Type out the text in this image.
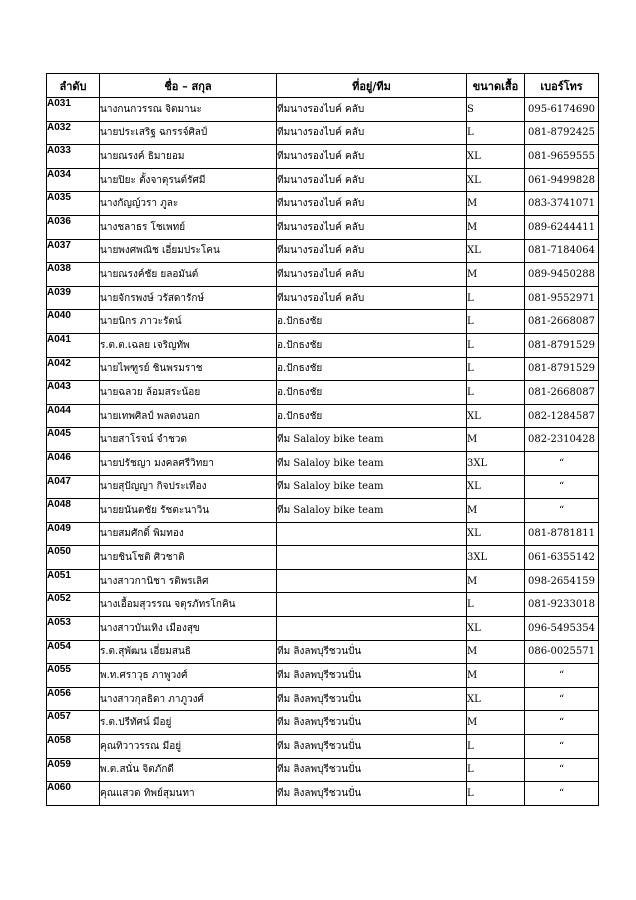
ลำดับ	ชื่อ – สกุล	ที่อยู่/ทีม	ขนาดเสื้อ	เบอร์โทร
A031	นางกนกวรรณ จิตมานะ	ทีมนางรองไบค์ คลับ	S	095-6174690
A032	นายประเสริฐ ฉกรรจ์ศิลป์	ทีมนางรองไบค์ คลับ	L	081-8792425
A033	นายณรงค์ ธิมายอม	ทีมนางรองไบค์ คลับ	XL	081-9659555
A034	นายปิยะ ตั้งจาตุรนต์รัศมี	ทีมนางรองไบค์ คลับ	XL	061-9499828
A035	นางกัญญ์วรา ภูละ	ทีมนางรองไบค์ คลับ	M	083-3741071
A036	นางชลาธร โชเพทย์	ทีมนางรองไบค์ คลับ	M	089-6244411
A037	นายพงศพณิช เอี่ยมประโคน	ทีมนางรองไบค์ คลับ	XL	081-7184064
A038	นายณรงค์ชัย ยลอมันต์	ทีมนางรองไบค์ คลับ	M	089-9450288
A039	นายจักรพงษ์ วรัสดารักษ์	ทีมนางรองไบค์ คลับ	L	081-9552971
A040	นายนิกร ภาวะรัตน์	อ.ปักธงชัย	L	081-2668087
A041	ร.ต.ต.เฉลย เจริญทัพ	อ.ปักธงชัย	L	081-8791529
A042	นายไพฑูรย์ ชินพรมราช	อ.ปักธงชัย	L	081-8791529
A043	นายฉลวย ล้อมสระน้อย	อ.ปักธงชัย	L	081-2668087
A044	นายเทพศิลป์ พลดงนอก	อ.ปักธงชัย	XL	082-1284587
A045	นายสาโรจน์ จำชวด	ทีม Salaloy bike team	M	082-2310428
A046	นายปรัชญา มงคลศรีวิทยา	ทีม Salaloy bike team	3XL	“
A047	นายสุปัญญา กิจประเทือง	ทีม Salaloy bike team	XL	“
A048	นายยนันตชัย รัชตะนาวิน	ทีม Salaloy bike team	M	“
A049	นายสมศักดิ์ พิมทอง		XL	081-8781811
A050	นายชินโชติ ศิวชาติ		3XL	061-6355142
A051	นางสาวกานิชา รติพรเลิศ		M	098-2654159
A052	นางเอื้อมสุวรรณ จตุรภัทรโกคิน		L	081-9233018
A053	นางสาวบันเทิง เมืองสุข		XL	096-5495354
A054	ร.ต.สุพัฒน เอี่ยมสนธิ	ทีม ลิงลพบุรีชวนปั่น	M	086-0025571
A055	พ.ท.ศราวุธ ภาพูวงศ์	ทีม ลิงลพบุรีชวนปั่น	M	“
A056	นางสาวกุลธิดา ภาภูวงศ์	ทีม ลิงลพบุรีชวนปั่น	XL	“
A057	ร.ต.ปรีทัศน์ มีอยู่	ทีม ลิงลพบุรีชวนปั่น	M	“
A058	คุณทิวาวรรณ มีอยู่	ทีม ลิงลพบุรีชวนปั่น	L	“
A059	พ.ต.สนั่น จิตภักดี	ทีม ลิงลพบุรีชวนปั่น	L	“
A060	คุณแสวด ทิพย์สุมนทา	ทีม ลิงลพบุรีชวนปั่น	L	“
